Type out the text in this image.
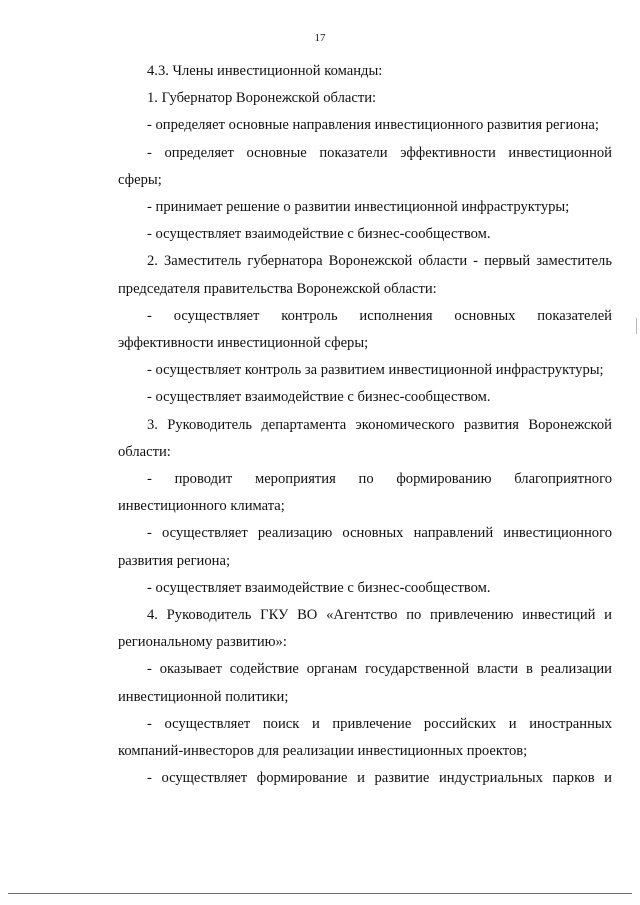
17

4.3. Члены инвестиционной команды:

1. Губернатор Воронежской области:

- определяет основные направления инвестиционного развития региона;

- определяет основные показатели эффективности инвестиционной сферы;

- принимает решение о развитии инвестиционной инфраструктуры;

- осуществляет взаимодействие с бизнес-сообществом.

2. Заместитель губернатора Воронежской области - первый заместитель председателя правительства Воронежской области:

- осуществляет контроль исполнения основных показателей эффективности инвестиционной сферы;

- осуществляет контроль за развитием инвестиционной инфраструктуры;

- осуществляет взаимодействие с бизнес-сообществом.

3. Руководитель департамента экономического развития Воронежской области:

- проводит мероприятия по формированию благоприятного инвестиционного климата;

- осуществляет реализацию основных направлений инвестиционного развития региона;

- осуществляет взаимодействие с бизнес-сообществом.

4. Руководитель ГКУ ВО «Агентство по привлечению инвестиций и региональному развитию»:

- оказывает содействие органам государственной власти в реализации инвестиционной политики;

- осуществляет поиск и привлечение российских и иностранных компаний-инвесторов для реализации инвестиционных проектов;

- осуществляет формирование и развитие индустриальных парков и
